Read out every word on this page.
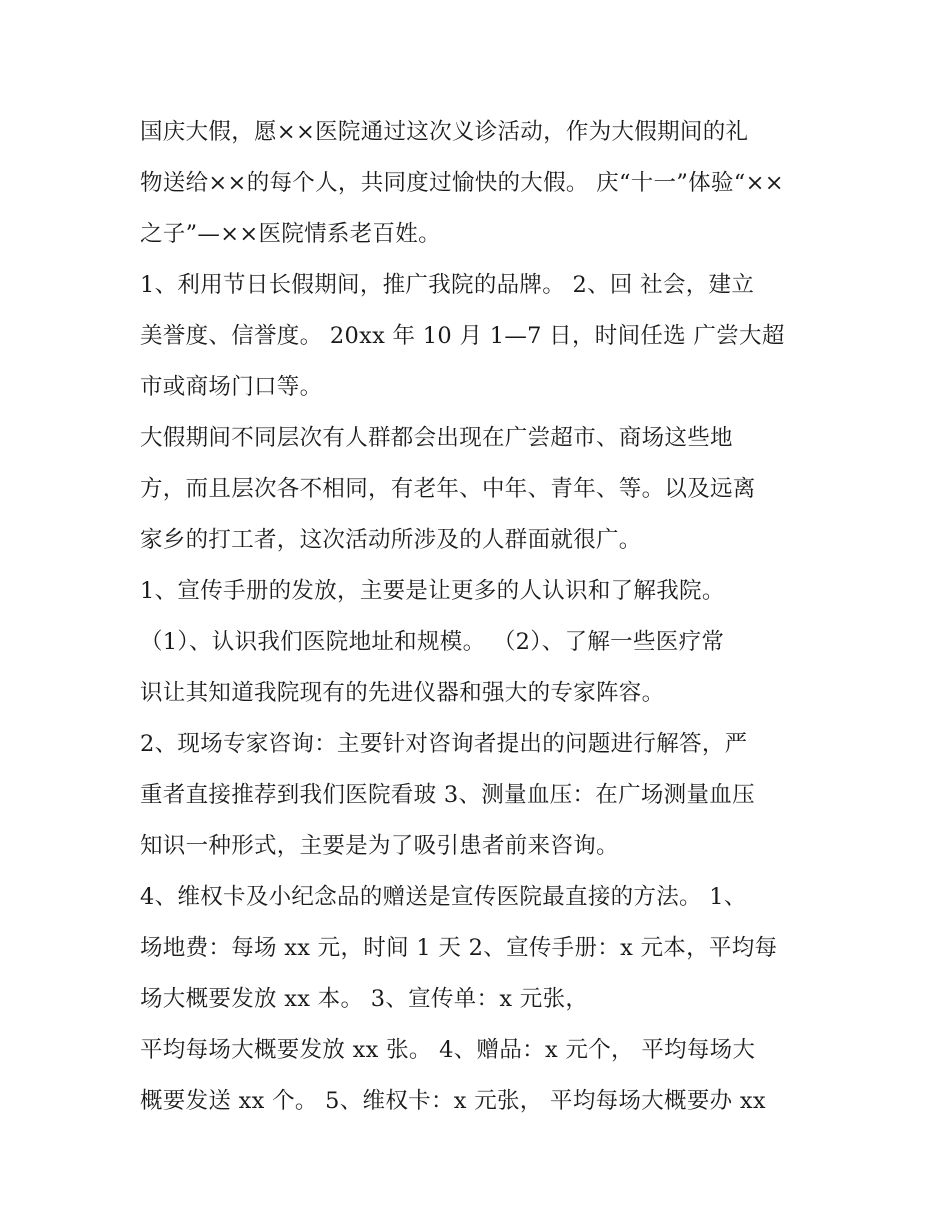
国庆大假，愿××医院通过这次义诊活动，作为大假期间的礼
物送给××的每个人，共同度过愉快的大假。 庆“十一”体验“××
之子”—××医院情系老百姓。
1、利用节日长假期间，推广我院的品牌。 2、回 社会，建立
美誉度、信誉度。 20xx 年 10 月 1—7 日，时间任选 广尝大超
市或商场门口等。
大假期间不同层次有人群都会出现在广尝超市、商场这些地
方，而且层次各不相同，有老年、中年、青年、等。以及远离
家乡的打工者，这次活动所涉及的人群面就很广。
1、宣传手册的发放，主要是让更多的人认识和了解我院。
（1）、认识我们医院地址和规模。 （2）、了解一些医疗常
识让其知道我院现有的先进仪器和强大的专家阵容。
2、现场专家咨询：主要针对咨询者提出的问题进行解答，严
重者直接推荐到我们医院看玻 3、测量血压：在广场测量血压
知识一种形式，主要是为了吸引患者前来咨询。
4、维权卡及小纪念品的赠送是宣传医院最直接的方法。 1、
场地费：每场 xx 元，时间 1 天 2、宣传手册：x 元本，平均每
场大概要发放 xx 本。 3、宣传单：x 元张，
平均每场大概要发放 xx 张。 4、赠品：x 元个， 平均每场大
概要发送 xx 个。 5、维权卡：x 元张， 平均每场大概要办 xx
